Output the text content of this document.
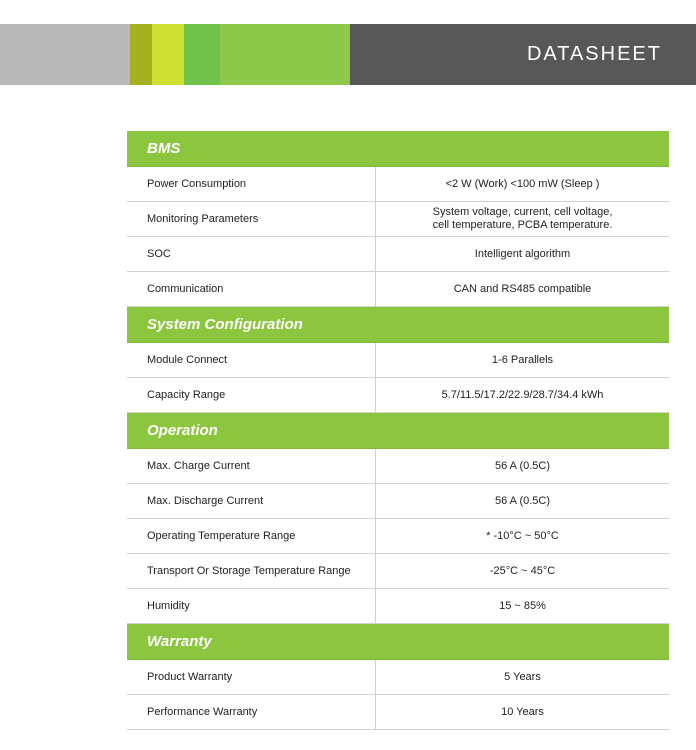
DATASHEET
BMS	
Power Consumption	<2 W (Work) <100 mW (Sleep )
Monitoring Parameters	System voltage, current, cell voltage,
cell temperature, PCBA temperature.

SOC	Intelligent algorithm
Communication	CAN and RS485 compatible
System Configuration	
Module Connect	1-6 Parallels
Capacity Range	5.7/11.5/17.2/22.9/28.7/34.4 kWh
Operation	
Max. Charge Current	56 A (0.5C)
Max. Discharge Current	56 A (0.5C)
Operating Temperature Range	* -10°C ~ 50°C
Transport Or Storage Temperature Range	-25°C ~ 45°C
Humidity	15 ~ 85%
Warranty	
Product Warranty	5 Years
Performance Warranty	10 Years
